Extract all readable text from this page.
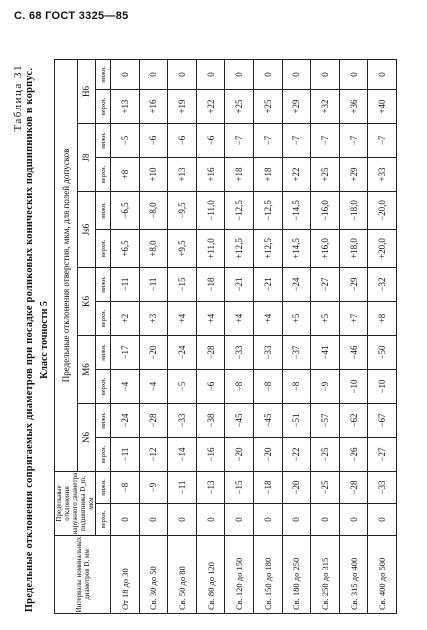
С. 68 ГОСТ 3325—85
Таблица 31 Предельные отклонения сопрягаемых диаметров при посадке роликовых конических подшипников в корпус. Класс точности 5
Интервалы номинальных диаметров D, мм	Предельные отклонения наружного диаметра подшипника D_m, мкм		Предельные отклонения отверстия, мкм, для полей допусков											
			N6		M6		K6		Js6		J8		H6	
	верхн.	нижн.	верхн.	нижн.	верхн.	нижн.	верхн.	нижн.	верхн.	нижн.	верхн.	нижн.	верхн.	нижн.
От 18 до 30	0	−8	−11	−24	−4	−17	+2	−11	+6,5	−6,5	+8	−5	+13	0
Св. 30 до 50	0	−9	−12	−28	−4	−20	+3	−11	+8,0	−8,0	+10	−6	+16	0
Св. 50 до 80	0	−11	−14	−33	−5	−24	+4	−15	+9,5	−9,5	+13	−6	+19	0
Св. 80 до 120	0	−13	−16	−38	−6	−28	+4	−18	+11,0	−11,0	+16	−6	+22	0
Св. 120 до 150	0	−15	−20	−45	−8	−33	+4	−21	+12,5	−12,5	+18	−7	+25	0
Св. 150 до 180	0	−18	−20	−45	−8	−33	+4	−21	+12,5	−12,5	+18	−7	+25	0
Св. 180 до 250	0	−20	−22	−51	−8	−37	+5	−24	+14,5	−14,5	+22	−7	+29	0
Св. 250 до 315	0	−25	−25	−57	−9	−41	+5	−27	+16,0	−16,0	+25	−7	+32	0
Св. 315 до 400	0	−28	−26	−62	−10	−46	+7	−29	+18,0	−18,0	+29	−7	+36	0
Св. 400 до 500	0	−33	−27	−67	−10	−50	+8	−32	+20,0	−20,0	+33	−7	+40	0
